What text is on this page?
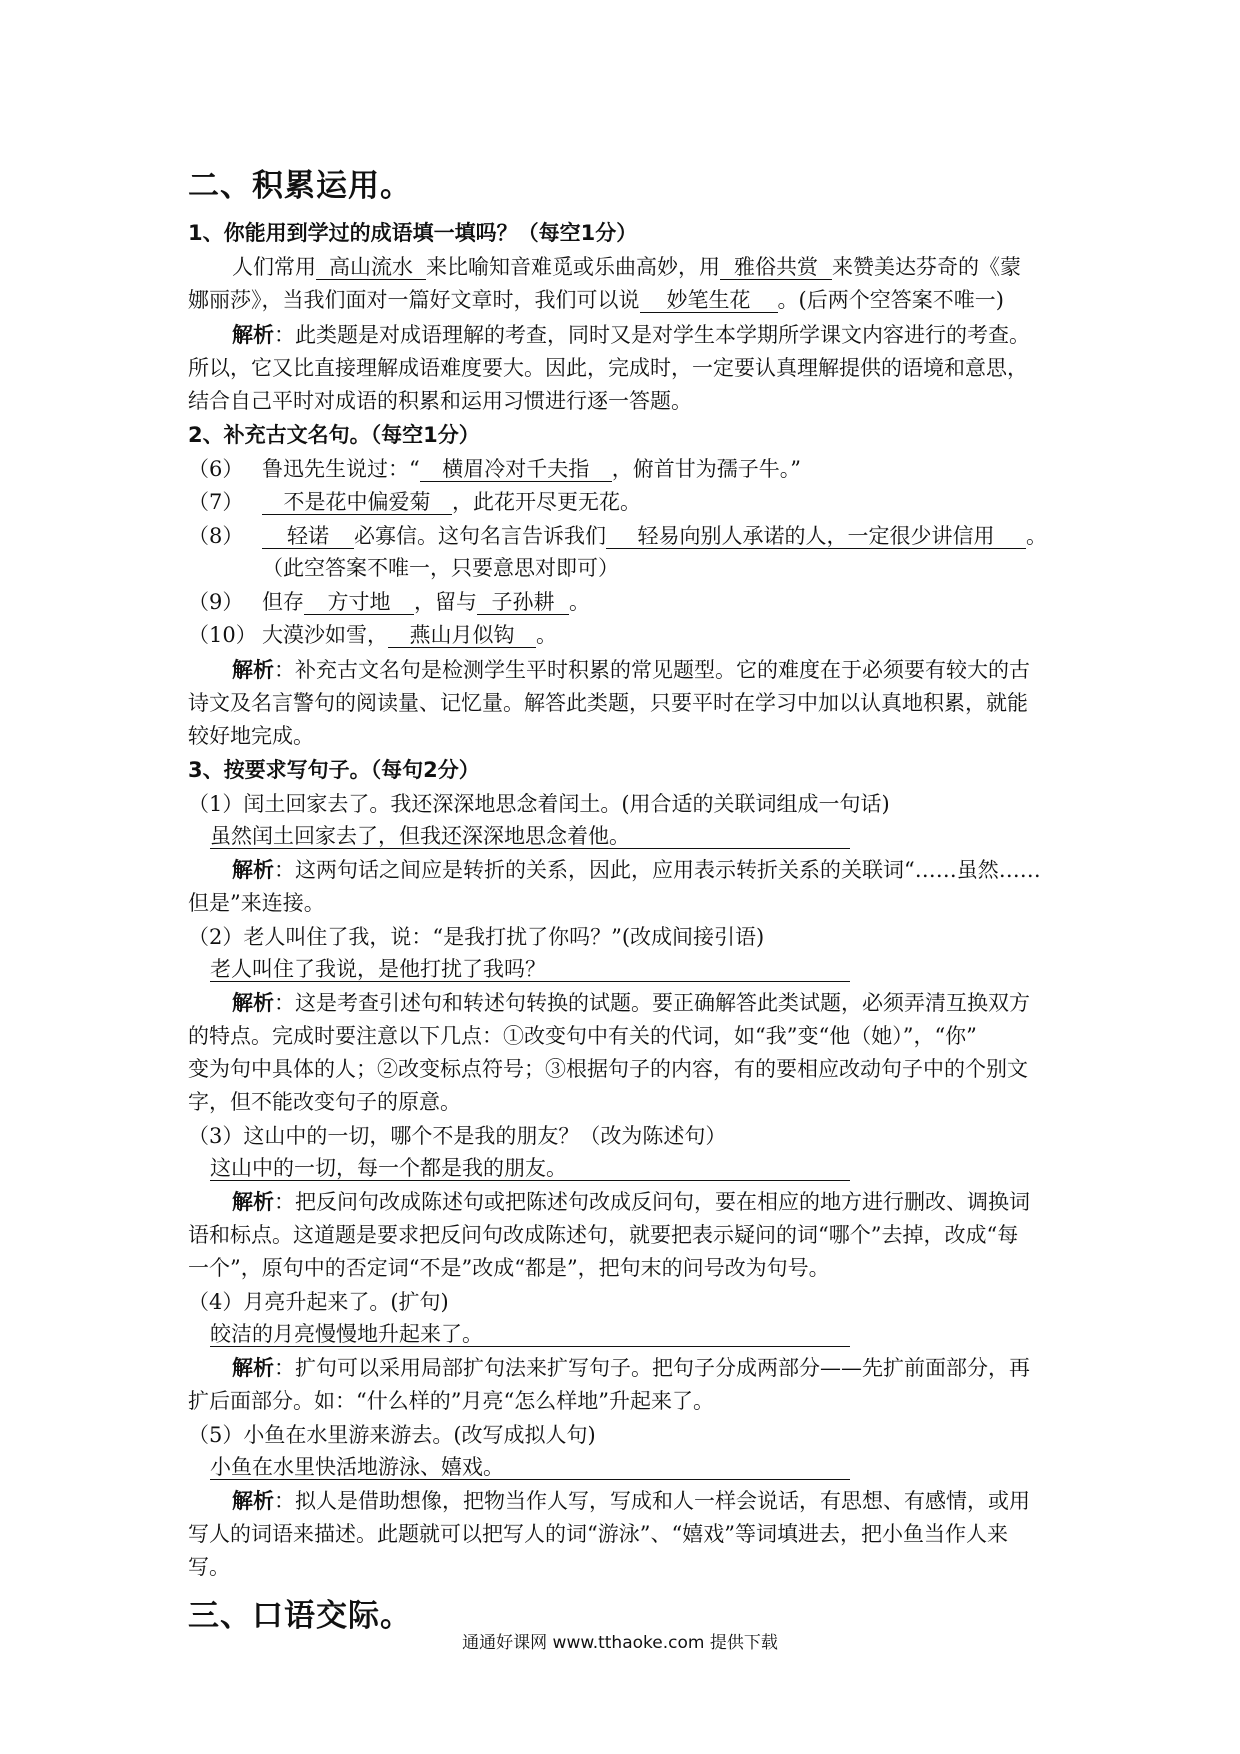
二、积累运用。
1、你能用到学过的成语填一填吗？（每空1分）
人们常用 高山流水 来比喻知音难觅或乐曲高妙，用 雅俗共赏 来赞美达芬奇的《蒙
娜丽莎》，当我们面对一篇好文章时，我们可以说 妙笔生花 。(后两个空答案不唯一)
解析：此类题是对成语理解的考查，同时又是对学生本学期所学课文内容进行的考查。
所以，它又比直接理解成语难度要大。因此，完成时，一定要认真理解提供的语境和意思，
结合自己平时对成语的积累和运用习惯进行逐一答题。
2、补充古文名句。（每空1分）
（6） 鲁迅先生说过：“ 横眉冷对千夫指 ，俯首甘为孺子牛。”
（7）	不是花中偏爱菊 ，此花开尽更无花。
（8）	轻诺 必寡信。这句名言告诉我们 轻易向别人承诺的人，一定很少讲信用 。
（此空答案不唯一，只要意思对即可）
（9） 但存 方寸地 ，留与 子孙耕 。
（10） 大漠沙如雪， 燕山月似钩 。
解析：补充古文名句是检测学生平时积累的常见题型。它的难度在于必须要有较大的古
诗文及名言警句的阅读量、记忆量。解答此类题，只要平时在学习中加以认真地积累，就能
较好地完成。
3、按要求写句子。（每句2分）
（1）闰土回家去了。我还深深地思念着闰土。(用合适的关联词组成一句话)
虽然闰土回家去了，但我还深深地思念着他。
解析：这两句话之间应是转折的关系，因此，应用表示转折关系的关联词“……虽然……
但是”来连接。
（2）老人叫住了我，说：“是我打扰了你吗？”(改成间接引语)
老人叫住了我说，是他打扰了我吗？
解析：这是考查引述句和转述句转换的试题。要正确解答此类试题，必须弄清互换双方
的特点。完成时要注意以下几点：①改变句中有关的代词，如“我”变“他（她）”，“你”
变为句中具体的人；②改变标点符号；③根据句子的内容，有的要相应改动句子中的个别文
字，但不能改变句子的原意。
（3）这山中的一切，哪个不是我的朋友？（改为陈述句）
这山中的一切，每一个都是我的朋友。
解析：把反问句改成陈述句或把陈述句改成反问句，要在相应的地方进行删改、调换词
语和标点。这道题是要求把反问句改成陈述句，就要把表示疑问的词“哪个”去掉，改成“每
一个”，原句中的否定词“不是”改成“都是”，把句末的问号改为句号。
（4）月亮升起来了。(扩句)
皎洁的月亮慢慢地升起来了。
解析：扩句可以采用局部扩句法来扩写句子。把句子分成两部分——先扩前面部分，再
扩后面部分。如：“什么样的”月亮“怎么样地”升起来了。
（5）小鱼在水里游来游去。(改写成拟人句)
小鱼在水里快活地游泳、嬉戏。
解析：拟人是借助想像，把物当作人写，写成和人一样会说话，有思想、有感情，或用
写人的词语来描述。此题就可以把写人的词“游泳”、“嬉戏”等词填进去，把小鱼当作人来
写。
三、口语交际。
通通好课网 www.tthaoke.com 提供下载
